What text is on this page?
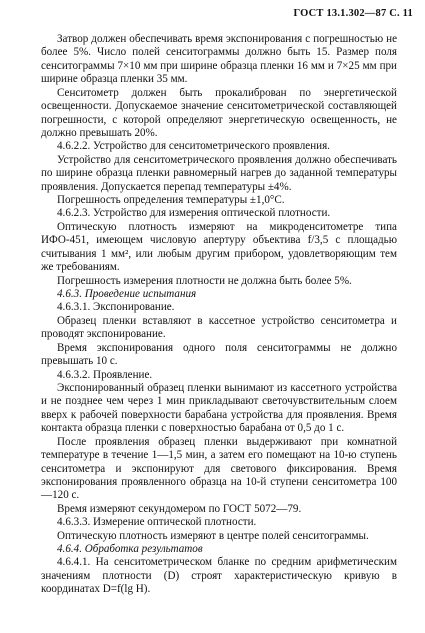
ГОСТ 13.1.302—87 С. 11

Затвор должен обеспечивать время экспонирования с погрешностью не более 5%. Число полей сенситограммы должно быть 15. Размер поля сенситограммы 7×10 мм при ширине образца пленки 16 мм и 7×25 мм при ширине образца пленки 35 мм.

Сенситометр должен быть прокалиброван по энергетической освещенности. Допускаемое значение сенситометрической составляющей погрешности, с которой определяют энергетическую освещенность, не должно превышать 20%.

4.6.2.2. Устройство для сенситометрического проявления.

Устройство для сенситометрического проявления должно обеспечивать по ширине образца пленки равномерный нагрев до заданной температуры проявления. Допускается перепад температуры ±4%.

Погрешность определения температуры ±1,0°С.

4.6.2.3. Устройство для измерения оптической плотности.

Оптическую плотность измеряют на микроденситометре типа ИФО-451, имеющем числовую апертуру объектива f/3,5 с площадью считывания 1 мм², или любым другим прибором, удовлетворяющим тем же требованиям.

Погрешность измерения плотности не должна быть более 5%.

4.6.3. Проведение испытания

4.6.3.1. Экспонирование.

Образец пленки вставляют в кассетное устройство сенситометра и проводят экспонирование.

Время экспонирования одного поля сенситограммы не должно превышать 10 с.

4.6.3.2. Проявление.

Экспонированный образец пленки вынимают из кассетного устройства и не позднее чем через 1 мин прикладывают светочувствительным слоем вверх к рабочей поверхности барабана устройства для проявления. Время контакта образца пленки с поверхностью барабана от 0,5 до 1 с.

После проявления образец пленки выдерживают при комнатной температуре в течение 1—1,5 мин, а затем его помещают на 10-ю ступень сенситометра и экспонируют для светового фиксирования. Время экспонирования проявленного образца на 10-й ступени сенситометра 100—120 с.

Время измеряют секундомером по ГОСТ 5072—79.

4.6.3.3. Измерение оптической плотности.

Оптическую плотность измеряют в центре полей сенситограммы.

4.6.4. Обработка результатов

4.6.4.1. На сенситометрическом бланке по средним арифметическим значениям плотности (D) строят характеристическую кривую в координатах D=f(lg H).
